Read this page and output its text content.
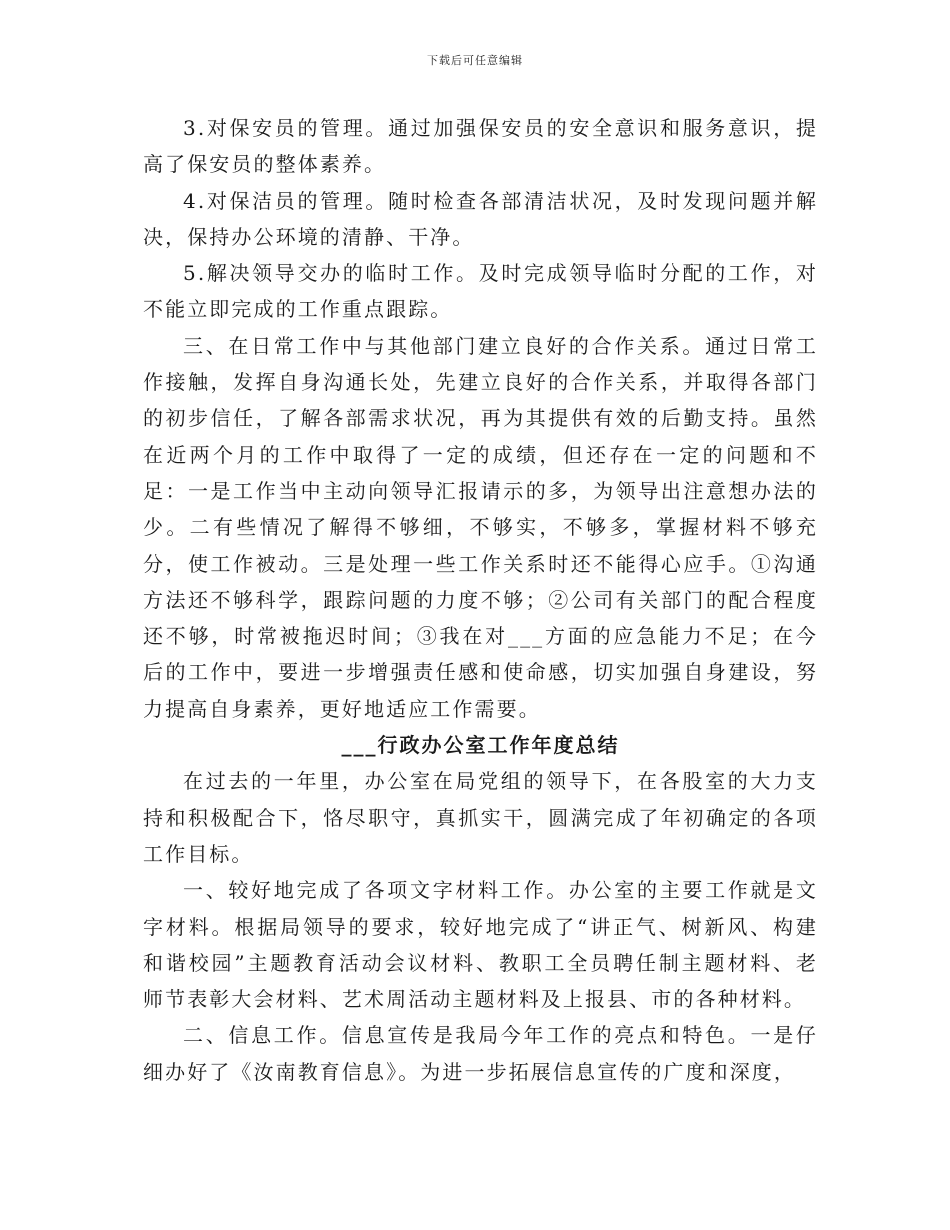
下载后可任意编辑

3.对保安员的管理。通过加强保安员的安全意识和服务意识，提高了保安员的整体素养。

4.对保洁员的管理。随时检查各部清洁状况，及时发现问题并解决，保持办公环境的清静、干净。

5.解决领导交办的临时工作。及时完成领导临时分配的工作，对不能立即完成的工作重点跟踪。

三、在日常工作中与其他部门建立良好的合作关系。通过日常工作接触，发挥自身沟通长处，先建立良好的合作关系，并取得各部门的初步信任，了解各部需求状况，再为其提供有效的后勤支持。虽然在近两个月的工作中取得了一定的成绩，但还存在一定的问题和不足：一是工作当中主动向领导汇报请示的多，为领导出注意想办法的少。二有些情况了解得不够细，不够实，不够多，掌握材料不够充分，使工作被动。三是处理一些工作关系时还不能得心应手。①沟通方法还不够科学，跟踪问题的力度不够；②公司有关部门的配合程度还不够，时常被拖迟时间；③我在对___方面的应急能力不足；在今后的工作中，要进一步增强责任感和使命感，切实加强自身建设，努力提高自身素养，更好地适应工作需要。

___行政办公室工作年度总结

在过去的一年里，办公室在局党组的领导下，在各股室的大力支持和积极配合下，恪尽职守，真抓实干，圆满完成了年初确定的各项工作目标。

一、较好地完成了各项文字材料工作。办公室的主要工作就是文字材料。根据局领导的要求，较好地完成了“讲正气、树新风、构建和谐校园”主题教育活动会议材料、教职工全员聘任制主题材料、老师节表彰大会材料、艺术周活动主题材料及上报县、市的各种材料。

二、信息工作。信息宣传是我局今年工作的亮点和特色。一是仔细办好了《汝南教育信息》。为进一步拓展信息宣传的广度和深度，
